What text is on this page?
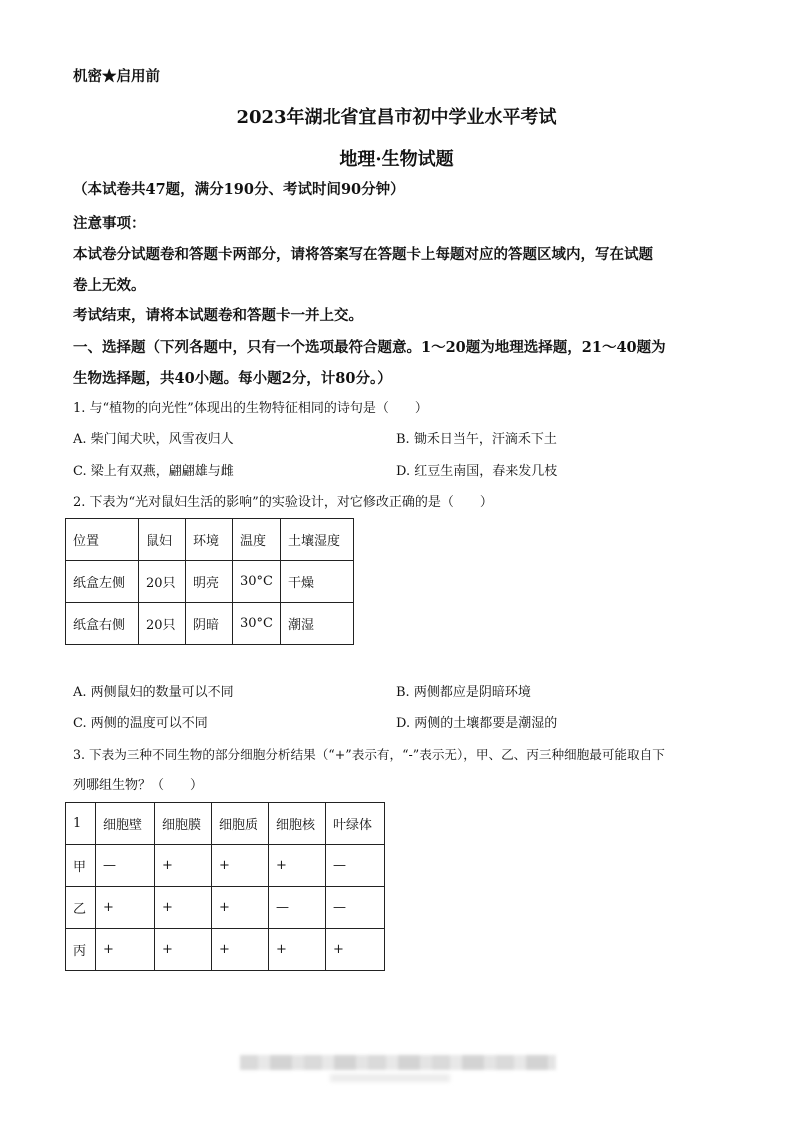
机密★启用前
2023年湖北省宜昌市初中学业水平考试
地理·生物试题
（本试卷共47题，满分190分、考试时间90分钟）
注意事项：
本试卷分试题卷和答题卡两部分，请将答案写在答题卡上每题对应的答题区域内，写在试题
卷上无效。
考试结束，请将本试题卷和答题卡一并上交。
一、选择题（下列各题中，只有一个选项最符合题意。1～20题为地理选择题，21～40题为
生物选择题，共40小题。每小题2分，计80分。）
1. 与“植物的向光性”体现出的生物特征相同的诗句是（　　）
A. 柴门闻犬吠，风雪夜归人	B. 锄禾日当午，汗滴禾下土
C. 梁上有双燕，翩翩雄与雌	D. 红豆生南国，春来发几枝
2. 下表为“光对鼠妇生活的影响”的实验设计，对它修改正确的是（　　）
位置	鼠妇	环境	温度	土壤湿度
纸盒左侧	20只	明亮	30°C	干燥
纸盒右侧	20只	阴暗	30°C	潮湿
A. 两侧鼠妇的数量可以不同	B. 两侧都应是阴暗环境
C. 两侧的温度可以不同	D. 两侧的土壤都要是潮湿的
3. 下表为三种不同生物的部分细胞分析结果（“+”表示有，“-”表示无），甲、乙、丙三种细胞最可能取自下
列哪组生物？（　　）
1	细胞壁	细胞膜	细胞质	细胞核	叶绿体
甲	—	+	+	+	—
乙	+	+	+	—	—
丙	+	+	+	+	+
